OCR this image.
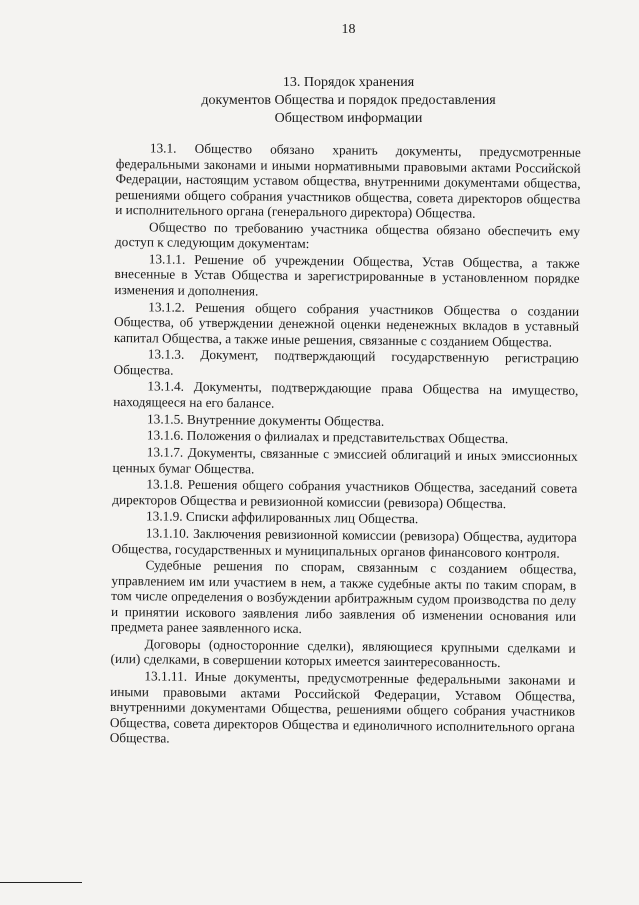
18
13. Порядок хранения
документов Общества и порядок предоставления
Обществом информации

13.1. Общество обязано хранить документы, предусмотренные федеральными законами и иными нормативными правовыми актами Российской Федерации, настоящим уставом общества, внутренними документами общества, решениями общего собрания участников общества, совета директоров общества и исполнительного органа (генерального директора) Общества.

Общество по требованию участника общества обязано обеспечить ему доступ к следующим документам:

13.1.1. Решение об учреждении Общества, Устав Общества, а также внесенные в Устав Общества и зарегистрированные в установленном порядке изменения и дополнения.

13.1.2. Решения общего собрания участников Общества о создании Общества, об утверждении денежной оценки неденежных вкладов в уставный капитал Общества, а также иные решения, связанные с созданием Общества.

13.1.3. Документ, подтверждающий государственную регистрацию Общества.

13.1.4. Документы, подтверждающие права Общества на имущество, находящееся на его балансе.

13.1.5. Внутренние документы Общества.

13.1.6. Положения о филиалах и представительствах Общества.

13.1.7. Документы, связанные с эмиссией облигаций и иных эмиссионных ценных бумаг Общества.

13.1.8. Решения общего собрания участников Общества, заседаний совета директоров Общества и ревизионной комиссии (ревизора) Общества.

13.1.9. Списки аффилированных лиц Общества.

13.1.10. Заключения ревизионной комиссии (ревизора) Общества, аудитора Общества, государственных и муниципальных органов финансового контроля.

Судебные решения по спорам, связанным с созданием общества, управлением им или участием в нем, а также судебные акты по таким спорам, в том числе определения о возбуждении арбитражным судом производства по делу и принятии искового заявления либо заявления об изменении основания или предмета ранее заявленного иска.

Договоры (односторонние сделки), являющиеся крупными сделками и (или) сделками, в совершении которых имеется заинтересованность.

13.1.11. Иные документы, предусмотренные федеральными законами и иными правовыми актами Российской Федерации, Уставом Общества, внутренними документами Общества, решениями общего собрания участников Общества, совета директоров Общества и единоличного исполнительного органа Общества.
